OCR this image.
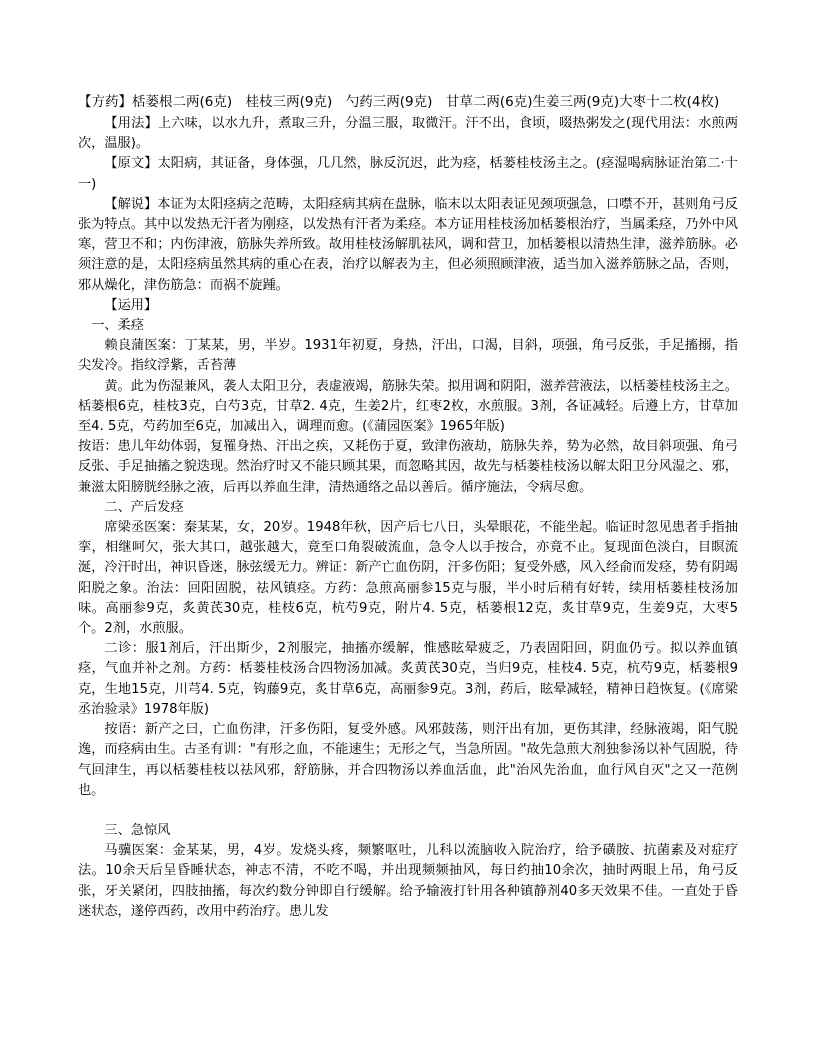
【方药】栝蒌根二两(6克)　桂枝三两(9克)　勺药三两(9克)　甘草二两(6克)生姜三两(9克)大枣十二枚(4枚)

【用法】上六味，以水九升，煮取三升，分温三服，取微汗。汗不出，食顷，啜热粥发之(现代用法：水煎两次，温服)。

【原文】太阳病，其证备，身体强，几几然，脉反沉迟，此为痉，栝蒌桂枝汤主之。(痉湿喝病脉证治第二·十一)

【解说】本证为太阳痉病之范畴，太阳痉病其病在盘脉，临末以太阳表证见颈项强急，口噤不开，甚则角弓反张为特点。其中以发热无汗者为刚痉，以发热有汗者为柔痉。本方证用桂枝汤加栝蒌根治疗，当属柔痉，乃外中风寒，营卫不和；内伤津液，筋脉失养所致。故用桂枝汤解肌祛风，调和营卫，加栝蒌根以清热生津，滋养筋脉。必须注意的是，太阳痉病虽然其病的重心在表，治疗以解表为主，但必须照顾津液，适当加入滋养筋脉之品，否则，邪从燥化，津伤筋急：而祸不旋踵。

【运用】

一、柔痉

赖良蒲医案：丁某某，男，半岁。1931年初夏，身热，汗出，口渴，目斜，项强，角弓反张，手足搐搦，指尖发冷。指纹浮紫，舌苔薄

黄。此为伤湿兼风，袭人太阳卫分，表虚液竭，筋脉失荣。拟用调和阴阳，滋养营液法，以栝蒌桂枝汤主之。栝蒌根6克，桂枝3克，白芍3克，甘草2. 4克，生姜2片，红枣2枚，水煎服。3剂，各证减轻。后遵上方，甘草加至4. 5克，芍药加至6克，加减出入，调理而愈。(《蒲园医案》1965年版)

按语：患儿年幼体弱，复罹身热、汗出之疾，又耗伤于夏，致津伤液劫，筋脉失养，势为必然，故目斜项强、角弓反张、手足抽搐之貌迭现。然治疗时又不能只顾其果，而忽略其因，故先与栝蒌桂枝汤以解太阳卫分风湿之、邪，兼滋太阳膀胱经脉之液，后再以养血生津，清热通络之品以善后。循序施法，令病尽愈。

二、产后发痉

席梁丞医案：秦某某，女，20岁。1948年秋，因产后七八日，头晕眼花，不能坐起。临证时忽见患者手指抽挛，相继呵欠，张大其口，越张越大，竟至口角裂破流血，急令人以手按合，亦竟不止。复现面色淡白，目瞑流涎，冷汗时出，神识昏迷，脉弦缓无力。辨证：新产亡血伤阴，汗多伤阳；复受外感，风入经俞而发痉，势有阴竭阳脱之象。治法：回阳固脱，祛风镇痉。方药：急煎高丽参15克与服，半小时后稍有好转，续用栝蒌桂枝汤加味。高丽参9克，炙黄芪30克，桂枝6克，杭芍9克，附片4. 5克，栝蒌根12克，炙甘草9克，生姜9克，大枣5个。2剂，水煎服。

二诊：服1剂后，汗出斯少，2剂服完，抽搐亦缓解，惟感眩晕疲乏，乃表固阳回，阴血仍亏。拟以养血镇痉，气血并补之剂。方药：栝蒌桂枝汤合四物汤加减。炙黄芪30克，当归9克，桂枝4. 5克，杭芍9克，栝蒌根9克，生地15克，川芎4. 5克，钩藤9克，炙甘草6克，高丽参9克。3剂，药后，眩晕减轻，精神日趋恢复。(《席梁丞治验录》1978年版)

按语：新产之曰，亡血伤津，汗多伤阳，复受外感。风邪鼓荡，则汗出有加，更伤其津，经脉液竭，阳气脱逸，而痉病由生。古圣有训："有形之血，不能速生；无形之气，当急所固。"故先急煎大剂独参汤以补气固脱，待气回津生，再以栝蒌桂枝以祛风邪，舒筋脉，并合四物汤以养血活血，此"治风先治血，血行风自灭"之又一范例也。

三、急惊风

马骥医案：金某某，男，4岁。发烧头疼，频繁呕吐，儿科以流脑收入院治疗，给予磺胺、抗菌素及对症疗法。10余天后呈昏睡状态，神志不清，不吃不喝，并出现频频抽风，每日约抽10余次，抽时两眼上吊，角弓反张，牙关紧闭，四肢抽搐，每次约数分钟即自行缓解。给予输液打针用各种镇静剂40多天效果不佳。一直处于昏迷状态，遂停西药，改用中药治疗。患儿发
